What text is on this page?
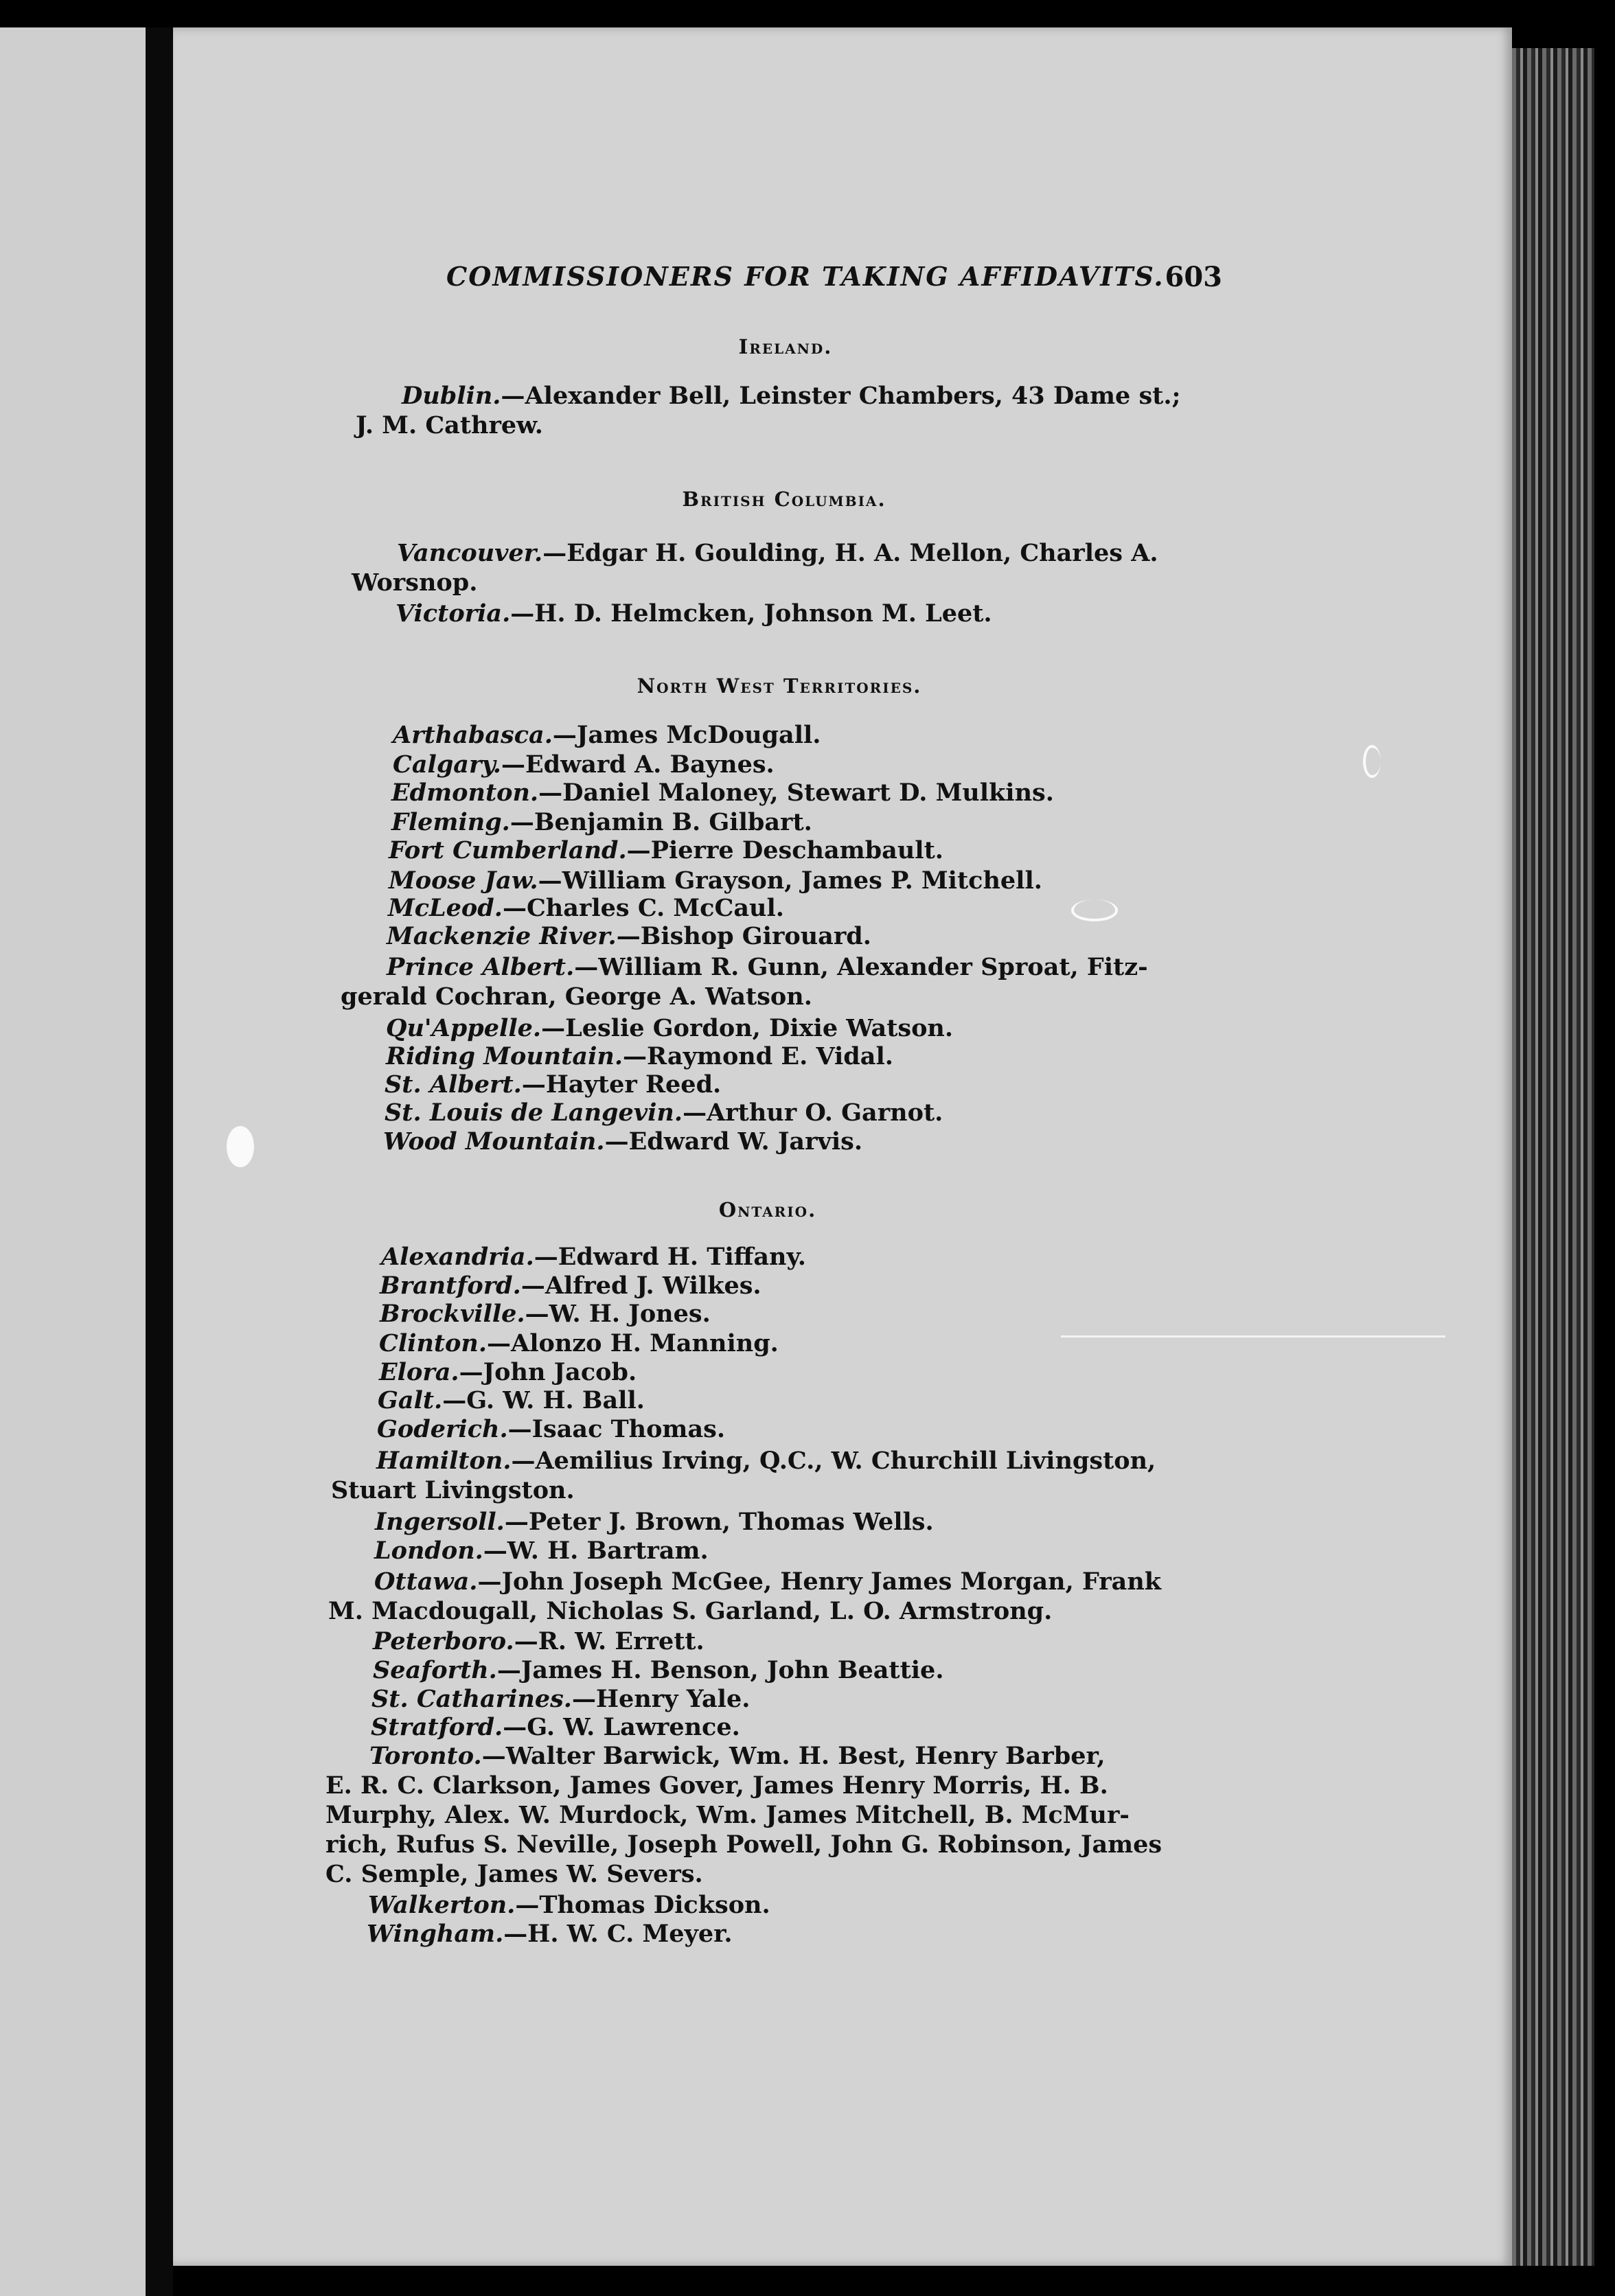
COMMISSIONERS FOR TAKING AFFIDAVITS. 603
Ireland.
Dublin.—Alexander Bell, Leinster Chambers, 43 Dame st.;
J. M. Cathrew.
British Columbia.
Vancouver.—Edgar H. Goulding, H. A. Mellon, Charles A.
Worsnop.
Victoria.—H. D. Helmcken, Johnson M. Leet.
North West Territories.
Arthabasca.—James McDougall.
Calgary.—Edward A. Baynes.
Edmonton.—Daniel Maloney, Stewart D. Mulkins.
Fleming.—Benjamin B. Gilbart.
Fort Cumberland.—Pierre Deschambault.
Moose Jaw.—William Grayson, James P. Mitchell.
McLeod.—Charles C. McCaul.
Mackenzie River.—Bishop Girouard.
Prince Albert.—William R. Gunn, Alexander Sproat, Fitz-
gerald Cochran, George A. Watson.
Qu'Appelle.—Leslie Gordon, Dixie Watson.
Riding Mountain.—Raymond E. Vidal.
St. Albert.—Hayter Reed.
St. Louis de Langevin.—Arthur O. Garnot.
Wood Mountain.—Edward W. Jarvis.
Ontario.
Alexandria.—Edward H. Tiffany.
Brantford.—Alfred J. Wilkes.
Brockville.—W. H. Jones.
Clinton.—Alonzo H. Manning.
Elora.—John Jacob.
Galt.—G. W. H. Ball.
Goderich.—Isaac Thomas.
Hamilton.—Aemilius Irving, Q.C., W. Churchill Livingston,
Stuart Livingston.
Ingersoll.—Peter J. Brown, Thomas Wells.
London.—W. H. Bartram.
Ottawa.—John Joseph McGee, Henry James Morgan, Frank
M. Macdougall, Nicholas S. Garland, L. O. Armstrong.
Peterboro.—R. W. Errett.
Seaforth.—James H. Benson, John Beattie.
St. Catharines.—Henry Yale.
Stratford.—G. W. Lawrence.
Toronto.—Walter Barwick, Wm. H. Best, Henry Barber,
E. R. C. Clarkson, James Gover, James Henry Morris, H. B.
Murphy, Alex. W. Murdock, Wm. James Mitchell, B. McMur-
rich, Rufus S. Neville, Joseph Powell, John G. Robinson, James
C. Semple, James W. Severs.
Walkerton.—Thomas Dickson.
Wingham.—H. W. C. Meyer.
